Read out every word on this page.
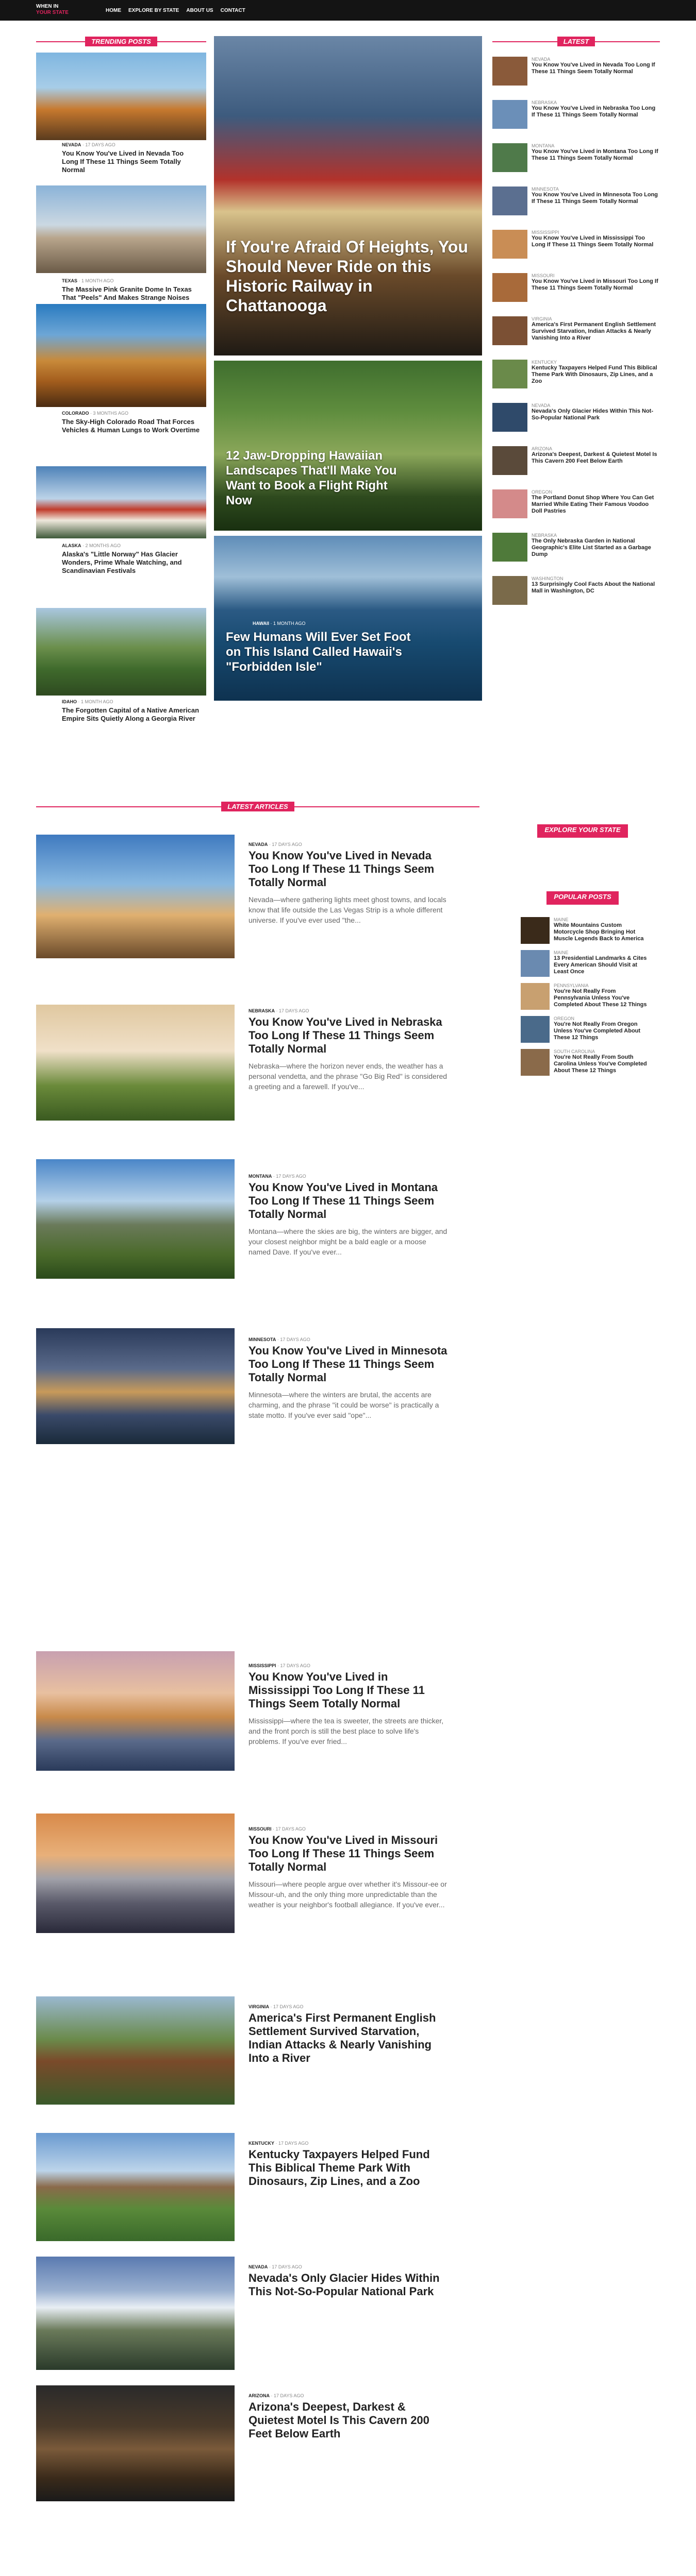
WHEN IN
YOUR STATE	HOME EXPLORE BY STATE ABOUT US CONTACT
TRENDING POSTS
NEVADA · 17 DAYS AGO
You Know You've Lived in Nevada Too Long If These 11 Things Seem Totally Normal
TEXAS · 1 MONTH AGO
The Massive Pink Granite Dome In Texas That "Peels" And Makes Strange Noises
COLORADO · 3 MONTHS AGO
The Sky-High Colorado Road That Forces Vehicles & Human Lungs to Work Overtime
ALASKA · 2 MONTHS AGO
Alaska's "Little Norway" Has Glacier Wonders, Prime Whale Watching, and Scandinavian Festivals
IDAHO · 1 MONTH AGO
The Forgotten Capital of a Native American Empire Sits Quietly Along a Georgia River
If You're Afraid Of Heights, You Should Never Ride on this Historic Railway in Chattanooga
12 Jaw-Dropping Hawaiian Landscapes That'll Make You Want to Book a Flight Right Now
HAWAII · 1 MONTH AGO
Few Humans Will Ever Set Foot on This Island Called Hawaii's "Forbidden Isle"
LATEST
NEVADA
You Know You've Lived in Nevada Too Long If These 11 Things Seem Totally Normal
NEBRASKA
You Know You've Lived in Nebraska Too Long If These 11 Things Seem Totally Normal
MONTANA
You Know You've Lived in Montana Too Long If These 11 Things Seem Totally Normal
MINNESOTA
You Know You've Lived in Minnesota Too Long If These 11 Things Seem Totally Normal
MISSISSIPPI
You Know You've Lived in Mississippi Too Long If These 11 Things Seem Totally Normal
MISSOURI
You Know You've Lived in Missouri Too Long If These 11 Things Seem Totally Normal
VIRGINIA
America's First Permanent English Settlement Survived Starvation, Indian Attacks & Nearly Vanishing Into a River
KENTUCKY
Kentucky Taxpayers Helped Fund This Biblical Theme Park With Dinosaurs, Zip Lines, and a Zoo
NEVADA
Nevada's Only Glacier Hides Within This Not-So-Popular National Park
ARIZONA
Arizona's Deepest, Darkest & Quietest Motel Is This Cavern 200 Feet Below Earth
OREGON
The Portland Donut Shop Where You Can Get Married While Eating Their Famous Voodoo Doll Pastries
NEBRASKA
The Only Nebraska Garden in National Geographic's Elite List Started as a Garbage Dump
WASHINGTON
13 Surprisingly Cool Facts About the National Mall in Washington, DC
LATEST ARTICLES
NEVADA · 17 DAYS AGO
You Know You've Lived in Nevada Too Long If These 11 Things Seem Totally Normal
Nevada—where gathering lights meet ghost towns, and locals know that life outside the Las Vegas Strip is a whole different universe. If you've ever used "the...
NEBRASKA · 17 DAYS AGO
You Know You've Lived in Nebraska Too Long If These 11 Things Seem Totally Normal
Nebraska—where the horizon never ends, the weather has a personal vendetta, and the phrase "Go Big Red" is considered a greeting and a farewell. If you've...
MONTANA · 17 DAYS AGO
You Know You've Lived in Montana Too Long If These 11 Things Seem Totally Normal
Montana—where the skies are big, the winters are bigger, and your closest neighbor might be a bald eagle or a moose named Dave. If you've ever...
MINNESOTA · 17 DAYS AGO
You Know You've Lived in Minnesota Too Long If These 11 Things Seem Totally Normal
Minnesota—where the winters are brutal, the accents are charming, and the phrase "it could be worse" is practically a state motto. If you've ever said "ope"...
MISSISSIPPI · 17 DAYS AGO
You Know You've Lived in Mississippi Too Long If These 11 Things Seem Totally Normal
Mississippi—where the tea is sweeter, the streets are thicker, and the front porch is still the best place to solve life's problems. If you've ever fried...
MISSOURI · 17 DAYS AGO
You Know You've Lived in Missouri Too Long If These 11 Things Seem Totally Normal
Missouri—where people argue over whether it's Missour-ee or Missour-uh, and the only thing more unpredictable than the weather is your neighbor's football allegiance. If you've ever...
VIRGINIA · 17 DAYS AGO
America's First Permanent English Settlement Survived Starvation, Indian Attacks & Nearly Vanishing Into a River
KENTUCKY · 17 DAYS AGO
Kentucky Taxpayers Helped Fund This Biblical Theme Park With Dinosaurs, Zip Lines, and a Zoo
NEVADA · 17 DAYS AGO
Nevada's Only Glacier Hides Within This Not-So-Popular National Park
ARIZONA · 17 DAYS AGO
Arizona's Deepest, Darkest & Quietest Motel Is This Cavern 200 Feet Below Earth
EXPLORE YOUR STATE
POPULAR POSTS
MAINE
White Mountains Custom Motorcycle Shop Bringing Hot Muscle Legends Back to America
MAINE
13 Presidential Landmarks & Cites Every American Should Visit at Least Once
PENNSYLVANIA
You're Not Really From Pennsylvania Unless You've Completed About These 12 Things
OREGON
You're Not Really From Oregon Unless You've Completed About These 12 Things
SOUTH CAROLINA
You're Not Really From South Carolina Unless You've Completed About These 12 Things
